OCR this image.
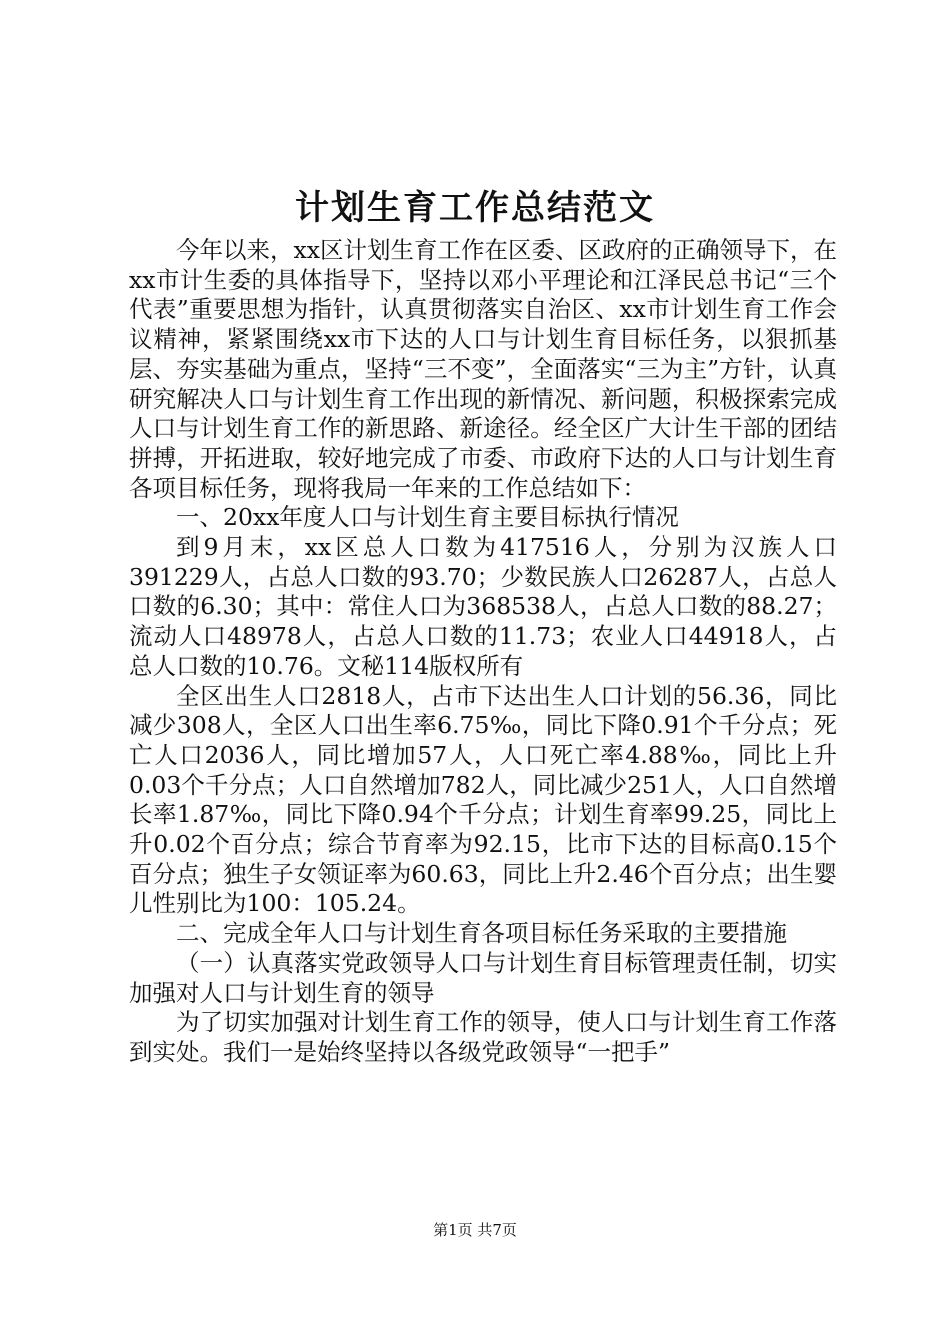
计划生育工作总结范文

今年以来，xx区计划生育工作在区委、区政府的正确领导下，在xx市计生委的具体指导下，坚持以邓小平理论和江泽民总书记“三个代表”重要思想为指针，认真贯彻落实自治区、xx市计划生育工作会议精神，紧紧围绕xx市下达的人口与计划生育目标任务，以狠抓基层、夯实基础为重点，坚持“三不变”，全面落实“三为主”方针，认真研究解决人口与计划生育工作出现的新情况、新问题，积极探索完成人口与计划生育工作的新思路、新途径。经全区广大计生干部的团结拼搏，开拓进取，较好地完成了市委、市政府下达的人口与计划生育各项目标任务，现将我局一年来的工作总结如下：

一、20xx年度人口与计划生育主要目标执行情况

到9月末，xx区总人口数为417516人，分别为汉族人口391229人，占总人口数的93.70；少数民族人口26287人，占总人口数的6.30；其中：常住人口为368538人，占总人口数的88.27；流动人口48978人，占总人口数的11.73；农业人口44918人，占总人口数的10.76。文秘114版权所有

全区出生人口2818人，占市下达出生人口计划的56.36，同比减少308人，全区人口出生率6.75‰，同比下降0.91个千分点；死亡人口2036人，同比增加57人，人口死亡率4.88‰，同比上升0.03个千分点；人口自然增加782人，同比减少251人，人口自然增长率1.87‰，同比下降0.94个千分点；计划生育率99.25，同比上升0.02个百分点；综合节育率为92.15，比市下达的目标高0.15个百分点；独生子女领证率为60.63，同比上升2.46个百分点；出生婴儿性别比为100：105.24。

二、完成全年人口与计划生育各项目标任务采取的主要措施

（一）认真落实党政领导人口与计划生育目标管理责任制，切实加强对人口与计划生育的领导

为了切实加强对计划生育工作的领导，使人口与计划生育工作落到实处。我们一是始终坚持以各级党政领导“一把手”

第1页 共7页
